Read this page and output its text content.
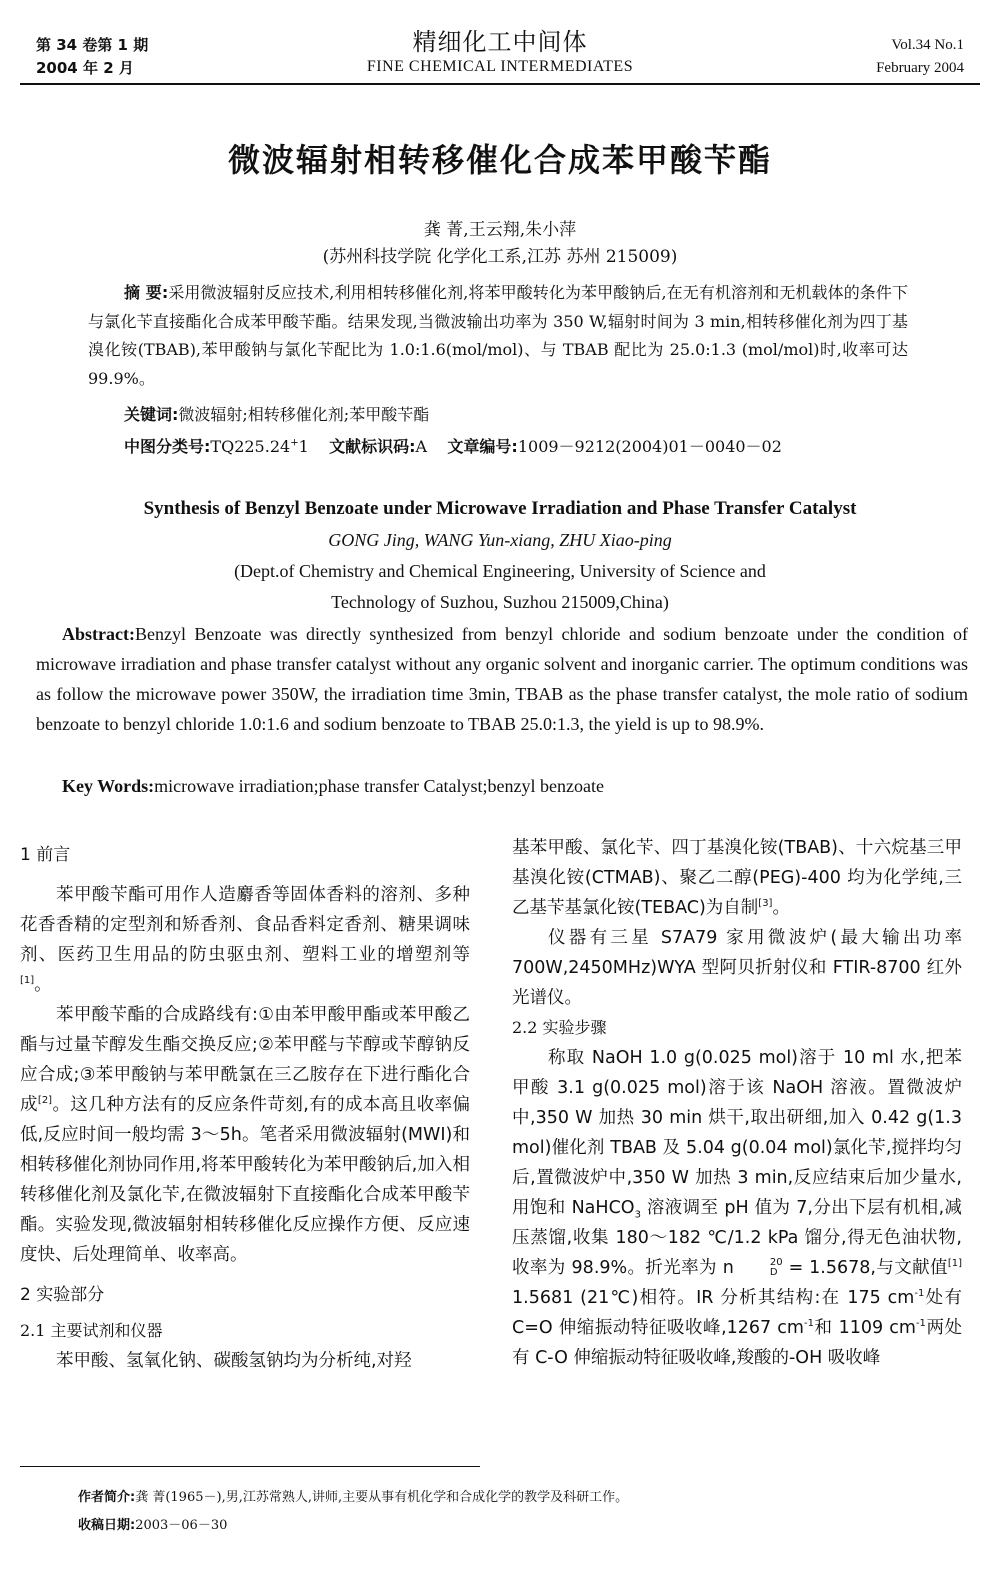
第 34 卷第 1 期
2004 年 2 月
精细化工中间体
FINE CHEMICAL INTERMEDIATES
Vol.34 No.1
February 2004
微波辐射相转移催化合成苯甲酸苄酯
龚 菁,王云翔,朱小萍
(苏州科技学院 化学化工系,江苏 苏州 215009)
摘 要:采用微波辐射反应技术,利用相转移催化剂,将苯甲酸转化为苯甲酸钠后,在无有机溶剂和无机载体的条件下与氯化苄直接酯化合成苯甲酸苄酯。结果发现,当微波输出功率为 350 W,辐射时间为 3 min,相转移催化剂为四丁基溴化铵(TBAB),苯甲酸钠与氯化苄配比为 1.0:1.6(mol/mol)、与 TBAB 配比为 25.0:1.3 (mol/mol)时,收率可达 99.9%。
关键词:微波辐射;相转移催化剂;苯甲酸苄酯
中图分类号:TQ225.24+1 文献标识码:A 文章编号:1009－9212(2004)01－0040－02
Synthesis of Benzyl Benzoate under Microwave Irradiation and Phase Transfer Catalyst
GONG Jing, WANG Yun-xiang, ZHU Xiao-ping
(Dept.of Chemistry and Chemical Engineering, University of Science and
Technology of Suzhou, Suzhou 215009,China)
Abstract:Benzyl Benzoate was directly synthesized from benzyl chloride and sodium benzoate under the condition of microwave irradiation and phase transfer catalyst without any organic solvent and inorganic carrier. The optimum conditions was as follow the microwave power 350W, the irradiation time 3min, TBAB as the phase transfer catalyst, the mole ratio of sodium benzoate to benzyl chloride 1.0:1.6 and sodium benzoate to TBAB 25.0:1.3, the yield is up to 98.9%.
Key Words:microwave irradiation;phase transfer Catalyst;benzyl benzoate
1 前言

苯甲酸苄酯可用作人造麝香等固体香料的溶剂、多种花香香精的定型剂和矫香剂、食品香料定香剂、糖果调味剂、医药卫生用品的防虫驱虫剂、塑料工业的增塑剂等[1]。

苯甲酸苄酯的合成路线有:①由苯甲酸甲酯或苯甲酸乙酯与过量苄醇发生酯交换反应;②苯甲醛与苄醇或苄醇钠反应合成;③苯甲酸钠与苯甲酰氯在三乙胺存在下进行酯化合成[2]。这几种方法有的反应条件苛刻,有的成本高且收率偏低,反应时间一般均需 3～5h。笔者采用微波辐射(MWI)和相转移催化剂协同作用,将苯甲酸转化为苯甲酸钠后,加入相转移催化剂及氯化苄,在微波辐射下直接酯化合成苯甲酸苄酯。实验发现,微波辐射相转移催化反应操作方便、反应速度快、后处理简单、收率高。

2 实验部分
2.1 主要试剂和仪器

苯甲酸、氢氧化钠、碳酸氢钠均为分析纯,对羟

基苯甲酸、氯化苄、四丁基溴化铵(TBAB)、十六烷基三甲基溴化铵(CTMAB)、聚乙二醇(PEG)-400 均为化学纯,三乙基苄基氯化铵(TEBAC)为自制[3]。

仪器有三星 S7A79 家用微波炉(最大输出功率 700W,2450MHz)WYA 型阿贝折射仪和 FTIR-8700 红外光谱仪。

2.2 实验步骤

称取 NaOH 1.0 g(0.025 mol)溶于 10 ml 水,把苯甲酸 3.1 g(0.025 mol)溶于该 NaOH 溶液。置微波炉中,350 W 加热 30 min 烘干,取出研细,加入 0.42 g(1.3 mol)催化剂 TBAB 及 5.04 g(0.04 mol)氯化苄,搅拌均匀后,置微波炉中,350 W 加热 3 min,反应结束后加少量水,用饱和 NaHCO$_3$ 溶液调至 pH 值为 7,分出下层有机相,减压蒸馏,收集 180～182 ℃/1.2 kPa 馏分,得无色油状物,收率为 98.9%。折光率为 n	20
D = 1.5678,与文献值[1] 1.5681 (21℃)相符。IR 分析其结构:在 175 $cm^{-1}$处有 C=O 伸缩振动特征吸收峰,1267 $cm^{-1}$和 1109 $cm^{-1}$两处有 C-O 伸缩振动特征吸收峰,羧酸的-OH 吸收峰

作者简介:龚 菁(1965－),男,江苏常熟人,讲师,主要从事有机化学和合成化学的教学及科研工作。
收稿日期:2003－06－30
